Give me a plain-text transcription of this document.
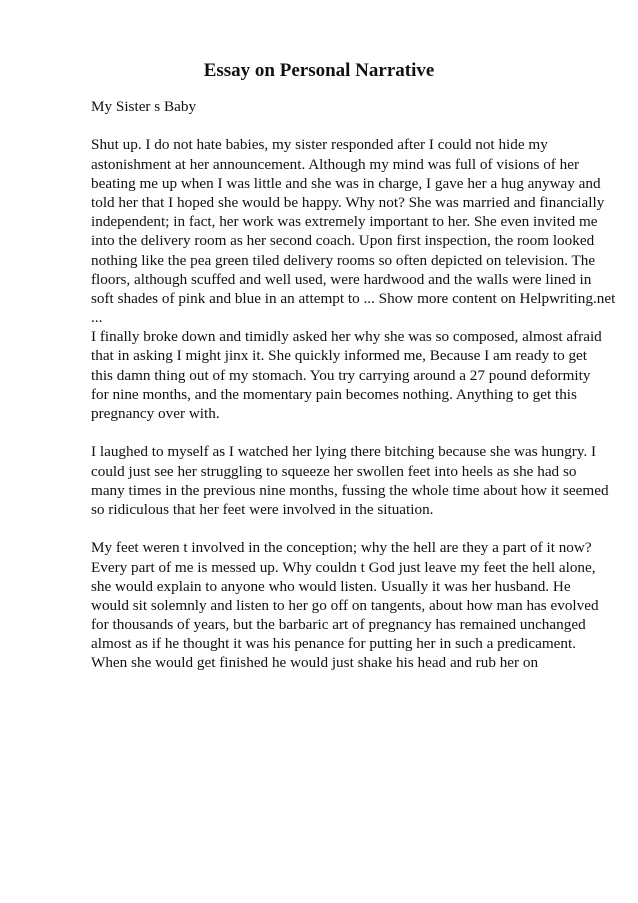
Essay on Personal Narrative
My Sister s Baby
Shut up. I do not hate babies, my sister responded after I could not hide my
astonishment at her announcement. Although my mind was full of visions of her
beating me up when I was little and she was in charge, I gave her a hug anyway and
told her that I hoped she would be happy. Why not? She was married and financially
independent; in fact, her work was extremely important to her. She even invited me
into the delivery room as her second coach. Upon first inspection, the room looked
nothing like the pea green tiled delivery rooms so often depicted on television. The
floors, although scuffed and well used, were hardwood and the walls were lined in
soft shades of pink and blue in an attempt to ... Show more content on Helpwriting.net
...
I finally broke down and timidly asked her why she was so composed, almost afraid
that in asking I might jinx it. She quickly informed me, Because I am ready to get
this damn thing out of my stomach. You try carrying around a 27 pound deformity
for nine months, and the momentary pain becomes nothing. Anything to get this
pregnancy over with.
I laughed to myself as I watched her lying there bitching because she was hungry. I
could just see her struggling to squeeze her swollen feet into heels as she had so
many times in the previous nine months, fussing the whole time about how it seemed
so ridiculous that her feet were involved in the situation.
My feet weren t involved in the conception; why the hell are they a part of it now?
Every part of me is messed up. Why couldn t God just leave my feet the hell alone,
she would explain to anyone who would listen. Usually it was her husband. He
would sit solemnly and listen to her go off on tangents, about how man has evolved
for thousands of years, but the barbaric art of pregnancy has remained unchanged
almost as if he thought it was his penance for putting her in such a predicament.
When she would get finished he would just shake his head and rub her on
